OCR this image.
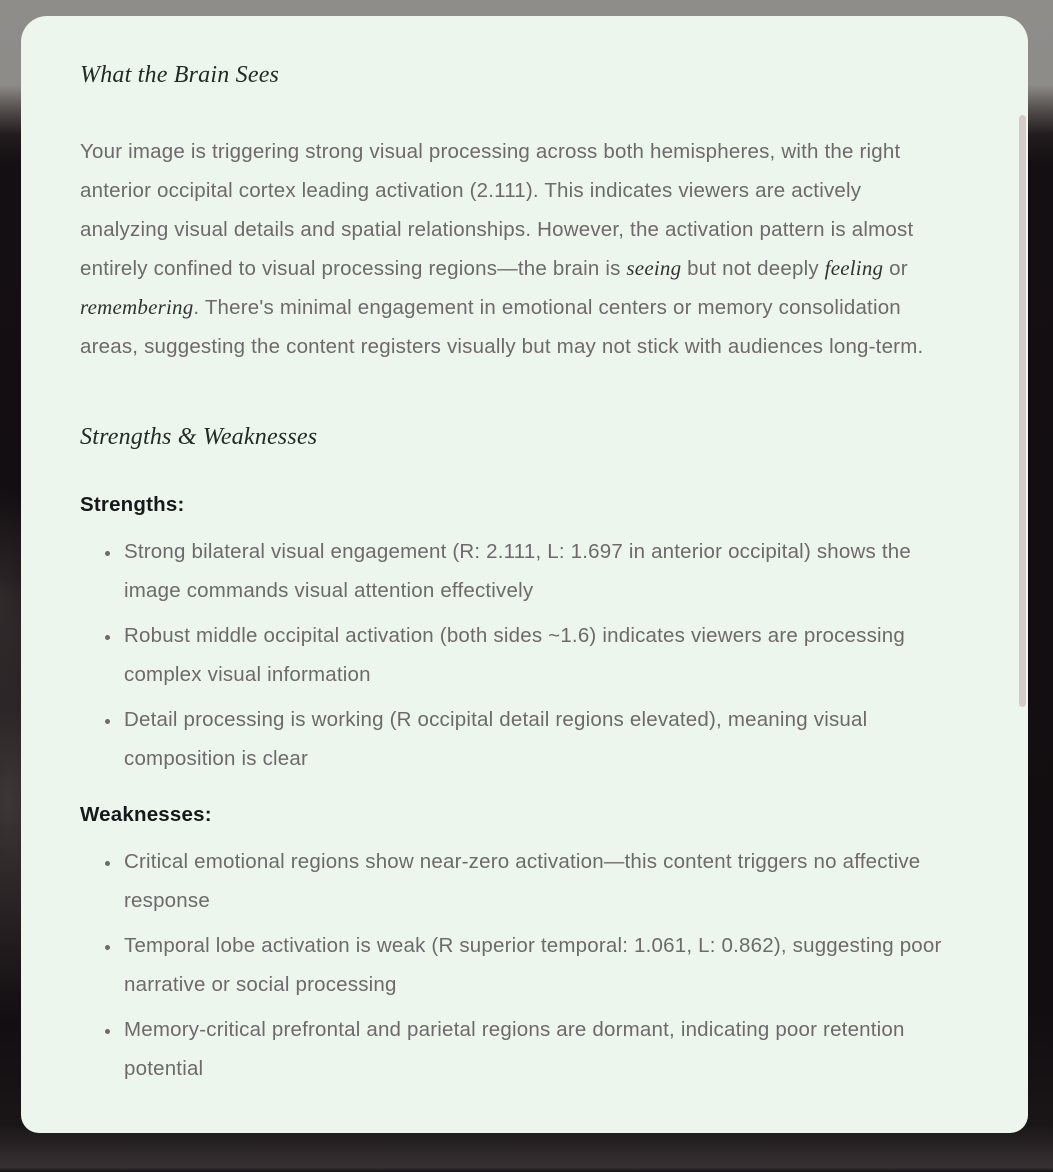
What the Brain Sees

Your image is triggering strong visual processing across both hemispheres, with the right anterior occipital cortex leading activation (2.111). This indicates viewers are actively analyzing visual details and spatial relationships. However, the activation pattern is almost entirely confined to visual processing regions—the brain is seeing but not deeply feeling or remembering. There's minimal engagement in emotional centers or memory consolidation areas, suggesting the content registers visually but may not stick with audiences long-term.

Strengths & Weaknesses

Strengths:

Strong bilateral visual engagement (R: 2.111, L: 1.697 in anterior occipital) shows the image commands visual attention effectively
Robust middle occipital activation (both sides ~1.6) indicates viewers are processing complex visual information
Detail processing is working (R occipital detail regions elevated), meaning visual composition is clear

Weaknesses:

Critical emotional regions show near-zero activation—this content triggers no affective response
Temporal lobe activation is weak (R superior temporal: 1.061, L: 0.862), suggesting poor narrative or social processing
Memory-critical prefrontal and parietal regions are dormant, indicating poor retention potential
